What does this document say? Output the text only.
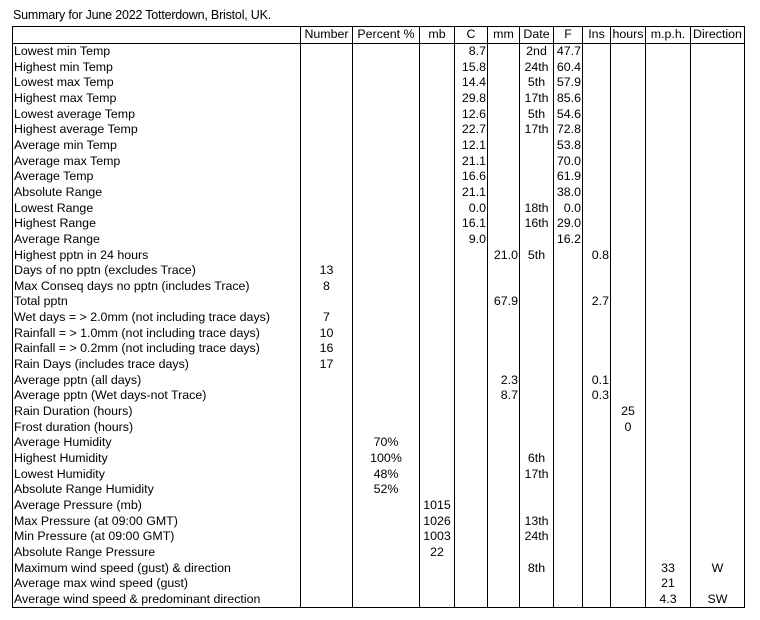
Summary for June 2022 Totterdown, Bristol, UK.
	Number	Percent %	mb	C	mm	Date	F	Ins	hours	m.p.h.	Direction
Lowest min Temp				8.7		2nd	47.7				
Highest min Temp				15.8		24th	60.4				
Lowest max Temp				14.4		5th	57.9				
Highest max Temp				29.8		17th	85.6				
Lowest average Temp				12.6		5th	54.6				
Highest average Temp				22.7		17th	72.8				
Average min Temp				12.1			53.8				
Average max Temp				21.1			70.0				
Average Temp				16.6			61.9				
Absolute Range				21.1			38.0				
Lowest Range				0.0		18th	0.0				
Highest Range				16.1		16th	29.0				
Average Range				9.0			16.2				
Highest pptn in 24 hours					21.0	5th		0.8			
Days of no pptn (excludes Trace)	13										
Max Conseq days no pptn (includes Trace)	8										
Total pptn					67.9			2.7			
Wet days = > 2.0mm (not including trace days)	7										
Rainfall = > 1.0mm (not including trace days)	10										
Rainfall = > 0.2mm (not including trace days)	16										
Rain Days (includes trace days)	17										
Average pptn (all days)					2.3			0.1			
Average pptn (Wet days-not Trace)					8.7			0.3			
Rain Duration (hours)									25		
Frost duration (hours)									0		
Average Humidity		70%									
Highest Humidity		100%				6th					
Lowest Humidity		48%				17th					
Absolute Range Humidity		52%									
Average Pressure (mb)			1015								
Max Pressure (at 09:00 GMT)			1026			13th					
Min Pressure (at 09:00 GMT)			1003			24th					
Absolute Range Pressure			22								
Maximum wind speed (gust) & direction						8th				33	W
Average max wind speed (gust)										21	
Average wind speed & predominant direction										4.3	SW
